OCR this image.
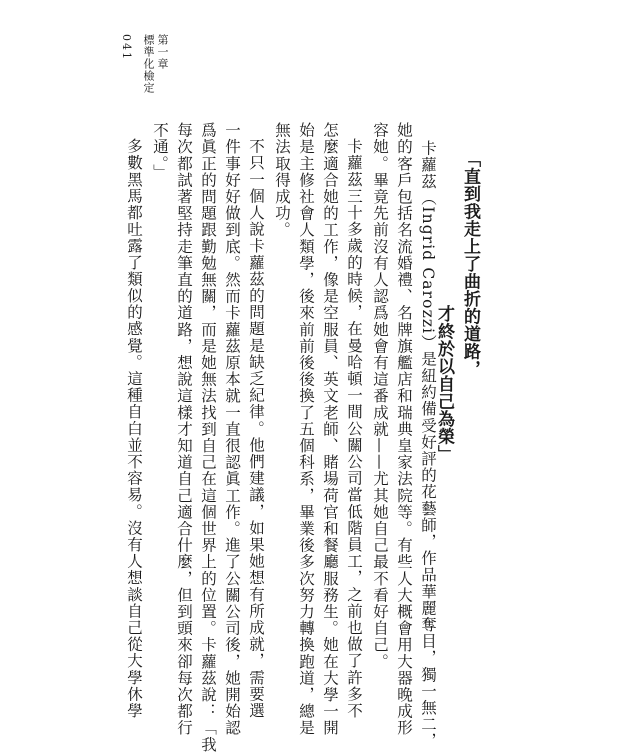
041 第一章
標準化檢定
「直到我走上了曲折的道路，
才終於以自己為榮」
卡蘿茲（Ingrid Carozzi）是紐約備受好評的花藝師，作品華麗奪目，獨一無二，
她的客戶包括名流婚禮、名牌旗艦店和瑞典皇家法院等。有些人大概會用大器晚成形
容她。畢竟先前沒有人認爲她會有這番成就——尤其她自己最不看好自己。
卡蘿茲三十多歲的時候，在曼哈頓一間公關公司當低階員工，之前也做了許多不
怎麼適合她的工作，像是空服員、英文老師、賭場荷官和餐廳服務生。她在大學一開
始是主修社會人類學，後來前前後後換了五個科系，畢業後多次努力轉換跑道，總是
無法取得成功。
不只一個人說卡蘿茲的問題是缺乏紀律。他們建議，如果她想有所成就，需要選
一件事好好做到底。然而卡蘿茲原本就一直很認眞工作。進了公關公司後，她開始認
爲眞正的問題跟勤勉無關，而是她無法找到自己在這個世界上的位置。卡蘿茲說：「我
每次都試著堅持走筆直的道路，想說這樣才知道自己適合什麼，但到頭來卻每次都行
不通。」
多數黑馬都吐露了類似的感覺。這種自白並不容易。沒有人想談自己從大學休學
